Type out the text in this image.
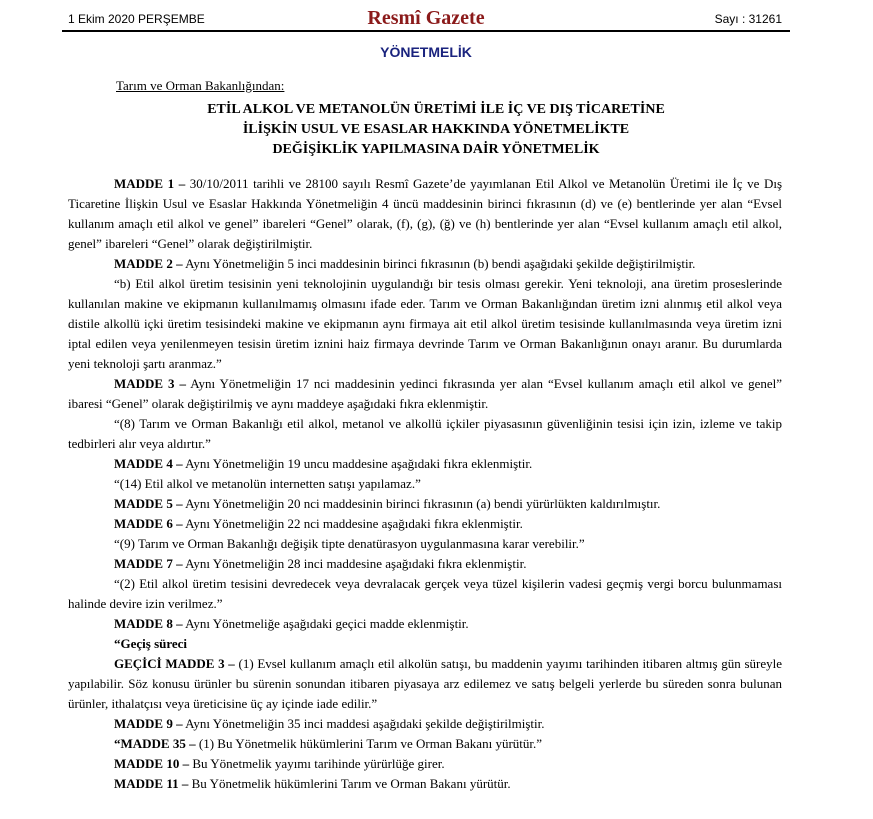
1 Ekim 2020 PERŞEMBE	Resmî Gazete	Sayı : 31261
YÖNETMELİK
Tarım ve Orman Bakanlığından:
ETİL ALKOL VE METANOLÜN ÜRETİMİ İLE İÇ VE DIŞ TİCARETİNE
İLİŞKİN USUL VE ESASLAR HAKKINDA YÖNETMELİKTE
DEĞİŞİKLİK YAPILMASINA DAİR YÖNETMELİK

MADDE 1 – 30/10/2011 tarihli ve 28100 sayılı Resmî Gazete’de yayımlanan Etil Alkol ve Metanolün Üretimi ile İç ve Dış Ticaretine İlişkin Usul ve Esaslar Hakkında Yönetmeliğin 4 üncü maddesinin birinci fıkrasının (d) ve (e) bentlerinde yer alan “Evsel kullanım amaçlı etil alkol ve genel” ibareleri “Genel” olarak, (f), (g), (ğ) ve (h) bentlerinde yer alan “Evsel kullanım amaçlı etil alkol, genel” ibareleri “Genel” olarak değiştirilmiştir.

MADDE 2 – Aynı Yönetmeliğin 5 inci maddesinin birinci fıkrasının (b) bendi aşağıdaki şekilde değiştirilmiştir.

“b) Etil alkol üretim tesisinin yeni teknolojinin uygulandığı bir tesis olması gerekir. Yeni teknoloji, ana üretim proseslerinde kullanılan makine ve ekipmanın kullanılmamış olmasını ifade eder. Tarım ve Orman Bakanlığından üretim izni alınmış etil alkol veya distile alkollü içki üretim tesisindeki makine ve ekipmanın aynı firmaya ait etil alkol üretim tesisinde kullanılmasında veya üretim izni iptal edilen veya yenilenmeyen tesisin üretim iznini haiz firmaya devrinde Tarım ve Orman Bakanlığının onayı aranır. Bu durumlarda yeni teknoloji şartı aranmaz.”

MADDE 3 – Aynı Yönetmeliğin 17 nci maddesinin yedinci fıkrasında yer alan “Evsel kullanım amaçlı etil alkol ve genel” ibaresi “Genel” olarak değiştirilmiş ve aynı maddeye aşağıdaki fıkra eklenmiştir.

“(8) Tarım ve Orman Bakanlığı etil alkol, metanol ve alkollü içkiler piyasasının güvenliğinin tesisi için izin, izleme ve takip tedbirleri alır veya aldırtır.”

MADDE 4 – Aynı Yönetmeliğin 19 uncu maddesine aşağıdaki fıkra eklenmiştir.

“(14) Etil alkol ve metanolün internetten satışı yapılamaz.”

MADDE 5 – Aynı Yönetmeliğin 20 nci maddesinin birinci fıkrasının (a) bendi yürürlükten kaldırılmıştır.

MADDE 6 – Aynı Yönetmeliğin 22 nci maddesine aşağıdaki fıkra eklenmiştir.

“(9) Tarım ve Orman Bakanlığı değişik tipte denatürasyon uygulanmasına karar verebilir.”

MADDE 7 – Aynı Yönetmeliğin 28 inci maddesine aşağıdaki fıkra eklenmiştir.

“(2) Etil alkol üretim tesisini devredecek veya devralacak gerçek veya tüzel kişilerin vadesi geçmiş vergi borcu bulunmaması halinde devire izin verilmez.”

MADDE 8 – Aynı Yönetmeliğe aşağıdaki geçici madde eklenmiştir.

“Geçiş süreci

GEÇİCİ MADDE 3 – (1) Evsel kullanım amaçlı etil alkolün satışı, bu maddenin yayımı tarihinden itibaren altmış gün süreyle yapılabilir. Söz konusu ürünler bu sürenin sonundan itibaren piyasaya arz edilemez ve satış belgeli yerlerde bu süreden sonra bulunan ürünler, ithalatçısı veya üreticisine üç ay içinde iade edilir.”

MADDE 9 – Aynı Yönetmeliğin 35 inci maddesi aşağıdaki şekilde değiştirilmiştir.

“MADDE 35 – (1) Bu Yönetmelik hükümlerini Tarım ve Orman Bakanı yürütür.”

MADDE 10 – Bu Yönetmelik yayımı tarihinde yürürlüğe girer.

MADDE 11 – Bu Yönetmelik hükümlerini Tarım ve Orman Bakanı yürütür.
